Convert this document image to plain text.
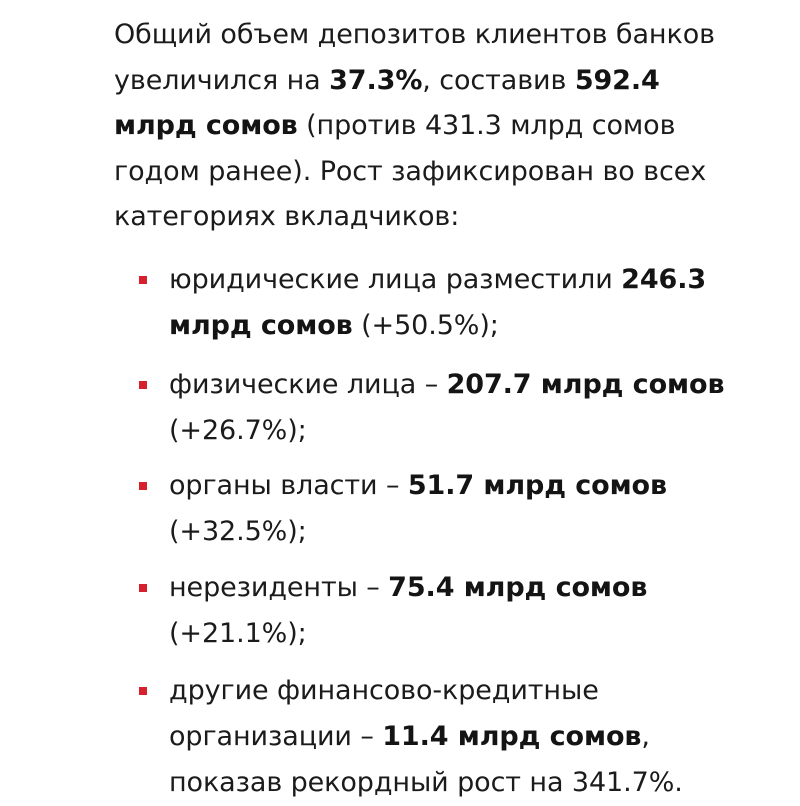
Общий объем депозитов клиентов банков
увеличился на 37.3%, составив 592.4
млрд сомов (против 431.3 млрд сомов
годом ранее). Рост зафиксирован во всех
категориях вкладчиков:

юридические лица разместили 246.3
млрд сомов (+50.5%);
физические лица – 207.7 млрд сомов
(+26.7%);
органы власти – 51.7 млрд сомов
(+32.5%);
нерезиденты – 75.4 млрд сомов
(+21.1%);
другие финансово-кредитные
организации – 11.4 млрд сомов,
показав рекордный рост на 341.7%.
